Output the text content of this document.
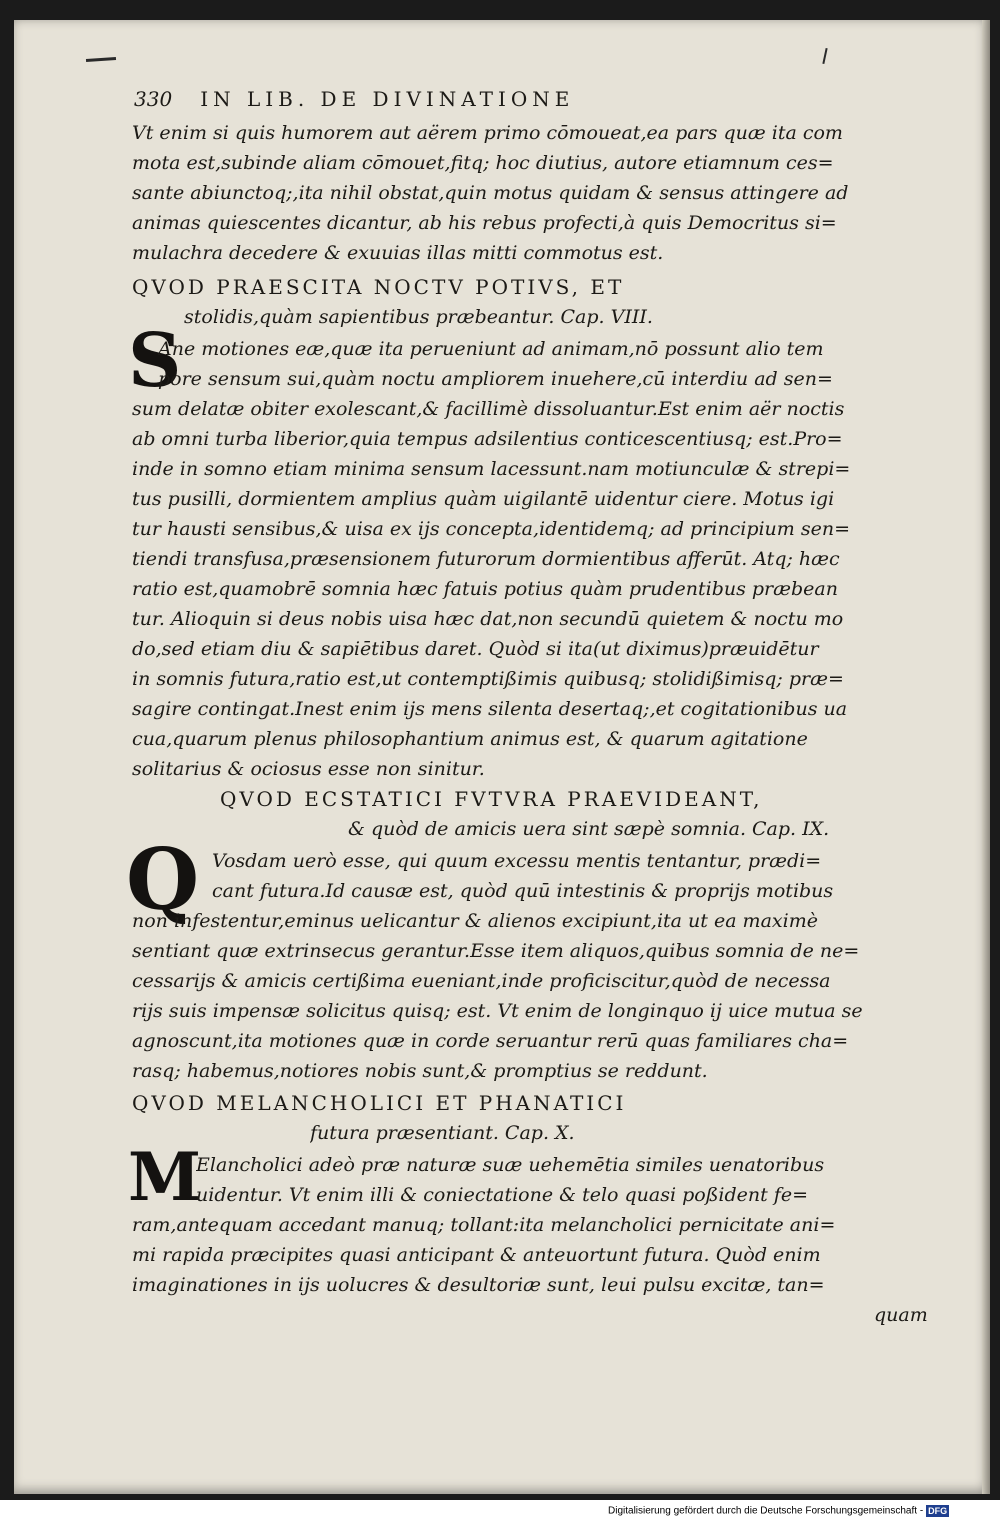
330 IN LIB. DE DIVINATIONE
Vt enim si quis humorem aut aërem primo cōmoueat,ea pars quæ ita com
mota est,subinde aliam cōmouet,fitq; hoc diutius, autore etiamnum ces=
sante abiunctoq;,ita nihil obstat,quin motus quidam & sensus attingere ad
animas quiescentes dicantur, ab his rebus profecti,à quis Democritus si=
mulachra decedere & exuuias illas mitti commotus est.
QVOD PRAESCITA NOCTV POTIVS, ET
stolidis,quàm sapientibus præbeantur. Cap. VIII.
S
Ane motiones eæ,quæ ita perueniunt ad animam,nō possunt alio tem
pore sensum sui,quàm noctu ampliorem inuehere,cū interdiu ad sen=
sum delatæ obiter exolescant,& facillimè dissoluantur.Est enim aër noctis
ab omni turba liberior,quia tempus adsilentius conticescentiusq; est.Pro=
inde in somno etiam minima sensum lacessunt.nam motiunculæ & strepi=
tus pusilli, dormientem amplius quàm uigilantē uidentur ciere. Motus igi
tur hausti sensibus,& uisa ex ijs concepta,identidemq; ad principium sen=
tiendi transfusa,præsensionem futurorum dormientibus afferūt. Atq; hæc
ratio est,quamobrē somnia hæc fatuis potius quàm prudentibus præbean
tur. Alioquin si deus nobis uisa hæc dat,non secundū quietem & noctu mo
do,sed etiam diu & sapiētibus daret. Quòd si ita(ut diximus)præuidētur
in somnis futura,ratio est,ut contemptißimis quibusq; stolidißimisq; præ=
sagire contingat.Inest enim ijs mens silenta desertaq;,et cogitationibus ua
cua,quarum plenus philosophantium animus est, & quarum agitatione
solitarius & ociosus esse non sinitur.
QVOD ECSTATICI FVTVRA PRAEVIDEANT,
& quòd de amicis uera sint sæpè somnia. Cap. IX.
Q Vosdam uerò esse, qui quum excessu mentis tentantur, prædi=
cant futura.Id causæ est, quòd quū intestinis & proprijs motibus
non infestentur,eminus uelicantur & alienos excipiunt,ita ut ea maximè
sentiant quæ extrinsecus gerantur.Esse item aliquos,quibus somnia de ne=
cessarijs & amicis certißima eueniant,inde proficiscitur,quòd de necessa
rijs suis impensæ solicitus quisq; est. Vt enim de longinquo ij uice mutua se
agnoscunt,ita motiones quæ in corde seruantur rerū quas familiares cha=
rasq; habemus,notiores nobis sunt,& promptius se reddunt.
QVOD MELANCHOLICI ET PHANATICI
futura præsentiant. Cap. X.
M
Elancholici adeò præ naturæ suæ uehemētia similes uenatoribus
uidentur. Vt enim illi & coniectatione & telo quasi poßident fe=
ram,antequam accedant manuq; tollant:ita melancholici pernicitate ani=
mi rapida præcipites quasi anticipant & anteuortunt futura. Quòd enim
imaginationes in ijs uolucres & desultoriæ sunt, leui pulsu excitæ, tan=
quam
Digitalisierung gefördert durch die Deutsche Forschungsgemeinschaft - DFG
